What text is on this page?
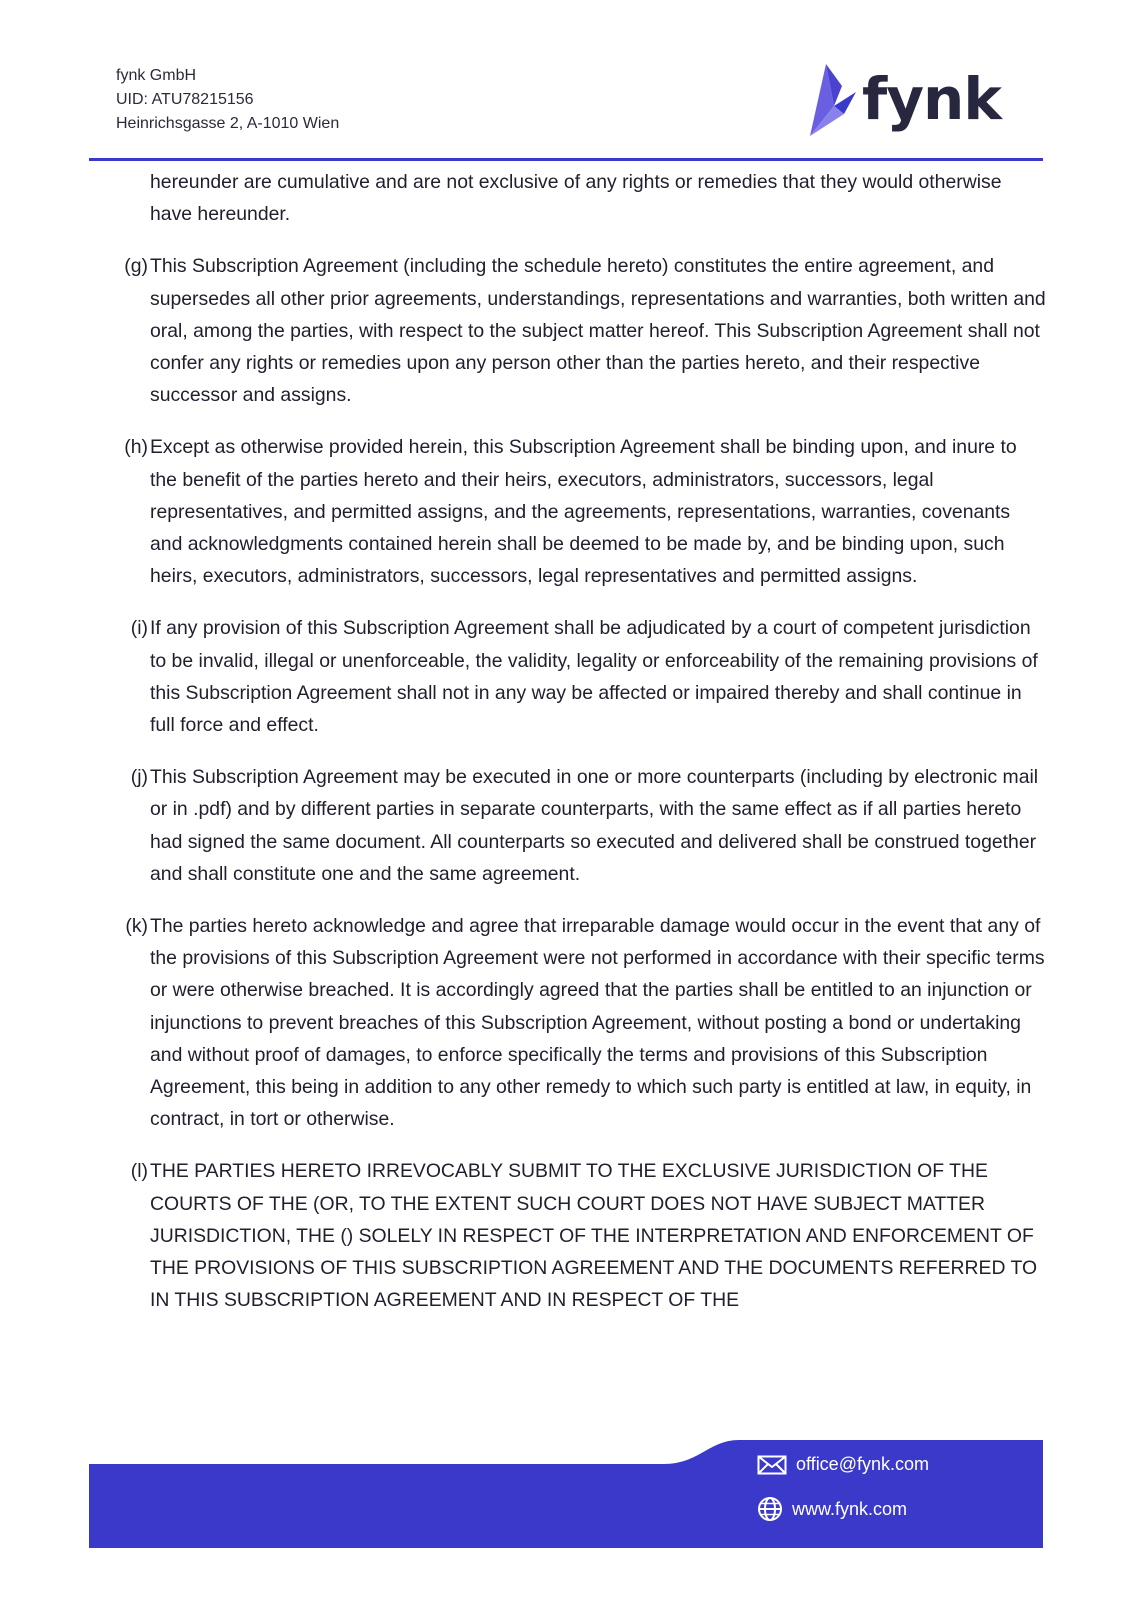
fynk GmbH
UID: ATU78215156
Heinrichsgasse 2, A-1010 Wien	fynk
hereunder are cumulative and are not exclusive of any rights or remedies that they would otherwise have hereunder.
(g) This Subscription Agreement (including the schedule hereto) constitutes the entire agreement, and supersedes all other prior agreements, understandings, representations and warranties, both written and oral, among the parties, with respect to the subject matter hereof. This Subscription Agreement shall not confer any rights or remedies upon any person other than the parties hereto, and their respective successor and assigns.
(h) Except as otherwise provided herein, this Subscription Agreement shall be binding upon, and inure to the benefit of the parties hereto and their heirs, executors, administrators, successors, legal representatives, and permitted assigns, and the agreements, representations, warranties, covenants and acknowledgments contained herein shall be deemed to be made by, and be binding upon, such heirs, executors, administrators, successors, legal representatives and permitted assigns.
(i) If any provision of this Subscription Agreement shall be adjudicated by a court of competent jurisdiction to be invalid, illegal or unenforceable, the validity, legality or enforceability of the remaining provisions of this Subscription Agreement shall not in any way be affected or impaired thereby and shall continue in full force and effect.
(j) This Subscription Agreement may be executed in one or more counterparts (including by electronic mail or in .pdf) and by different parties in separate counterparts, with the same effect as if all parties hereto had signed the same document. All counterparts so executed and delivered shall be construed together and shall constitute one and the same agreement.
(k) The parties hereto acknowledge and agree that irreparable damage would occur in the event that any of the provisions of this Subscription Agreement were not performed in accordance with their specific terms or were otherwise breached. It is accordingly agreed that the parties shall be entitled to an injunction or injunctions to prevent breaches of this Subscription Agreement, without posting a bond or undertaking and without proof of damages, to enforce specifically the terms and provisions of this Subscription Agreement, this being in addition to any other remedy to which such party is entitled at law, in equity, in contract, in tort or otherwise.
(l) THE PARTIES HERETO IRREVOCABLY SUBMIT TO THE EXCLUSIVE JURISDICTION OF THE COURTS OF THE (OR, TO THE EXTENT SUCH COURT DOES NOT HAVE SUBJECT MATTER JURISDICTION, THE () SOLELY IN RESPECT OF THE INTERPRETATION AND ENFORCEMENT OF THE PROVISIONS OF THIS SUBSCRIPTION AGREEMENT AND THE DOCUMENTS REFERRED TO IN THIS SUBSCRIPTION AGREEMENT AND IN RESPECT OF THE
office@fynk.com
www.fynk.com
